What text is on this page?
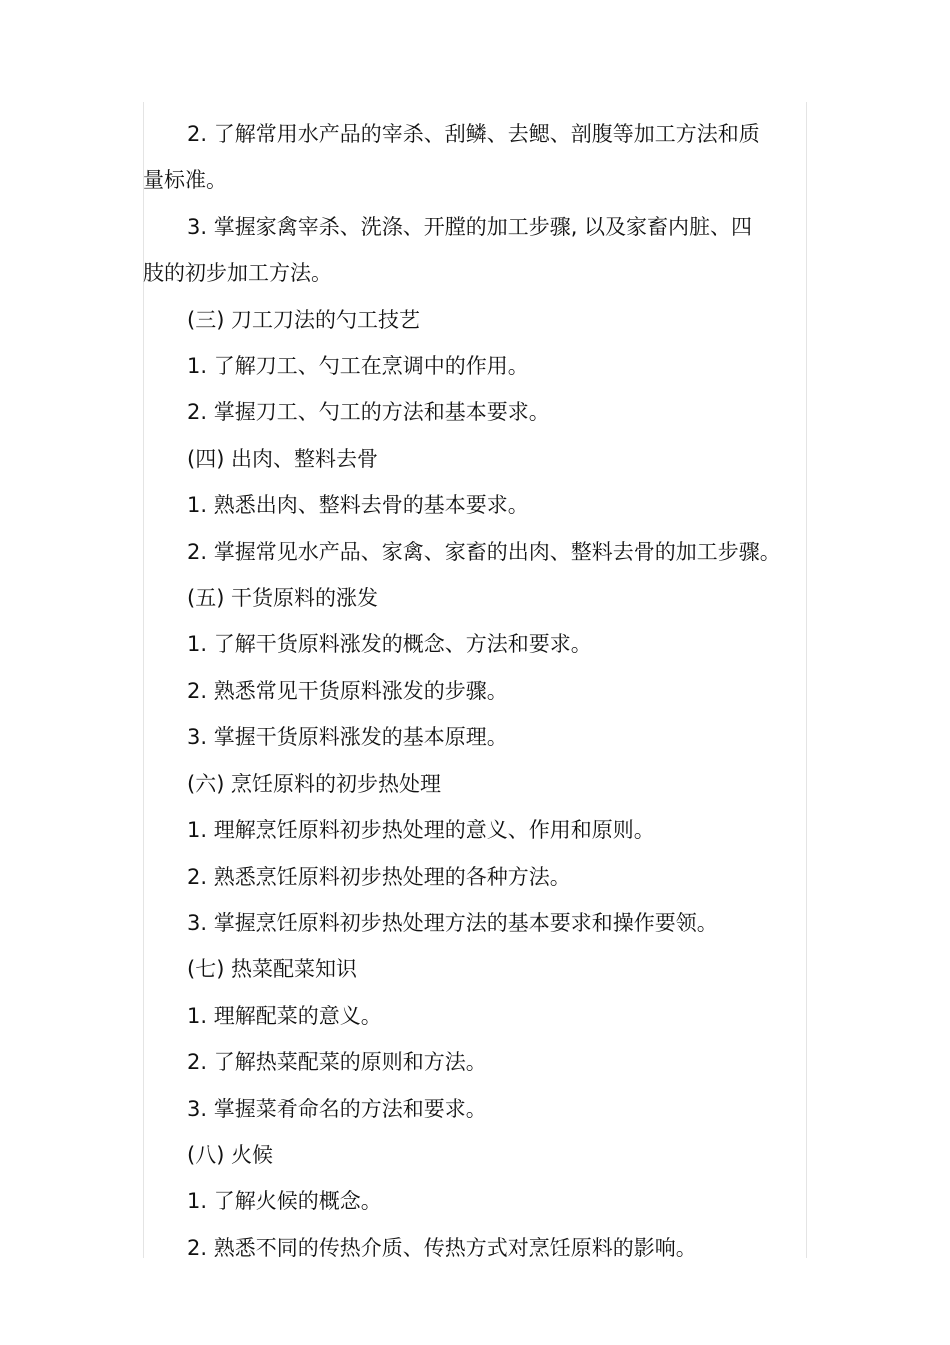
2. 了解常用水产品的宰杀、刮鳞、去鳃、剖腹等加工方法和质
量标准。
3. 掌握家禽宰杀、洗涤、开膛的加工步骤, 以及家畜内脏、四
肢的初步加工方法。
(三) 刀工刀法的勺工技艺
1. 了解刀工、勺工在烹调中的作用。
2. 掌握刀工、勺工的方法和基本要求。
(四) 出肉、整料去骨
1. 熟悉出肉、整料去骨的基本要求。
2. 掌握常见水产品、家禽、家畜的出肉、整料去骨的加工步骤。
(五) 干货原料的涨发
1. 了解干货原料涨发的概念、方法和要求。
2. 熟悉常见干货原料涨发的步骤。
3. 掌握干货原料涨发的基本原理。
(六) 烹饪原料的初步热处理
1. 理解烹饪原料初步热处理的意义、作用和原则。
2. 熟悉烹饪原料初步热处理的各种方法。
3. 掌握烹饪原料初步热处理方法的基本要求和操作要领。
(七) 热菜配菜知识
1. 理解配菜的意义。
2. 了解热菜配菜的原则和方法。
3. 掌握菜肴命名的方法和要求。
(八) 火候
1. 了解火候的概念。
2. 熟悉不同的传热介质、传热方式对烹饪原料的影响。
